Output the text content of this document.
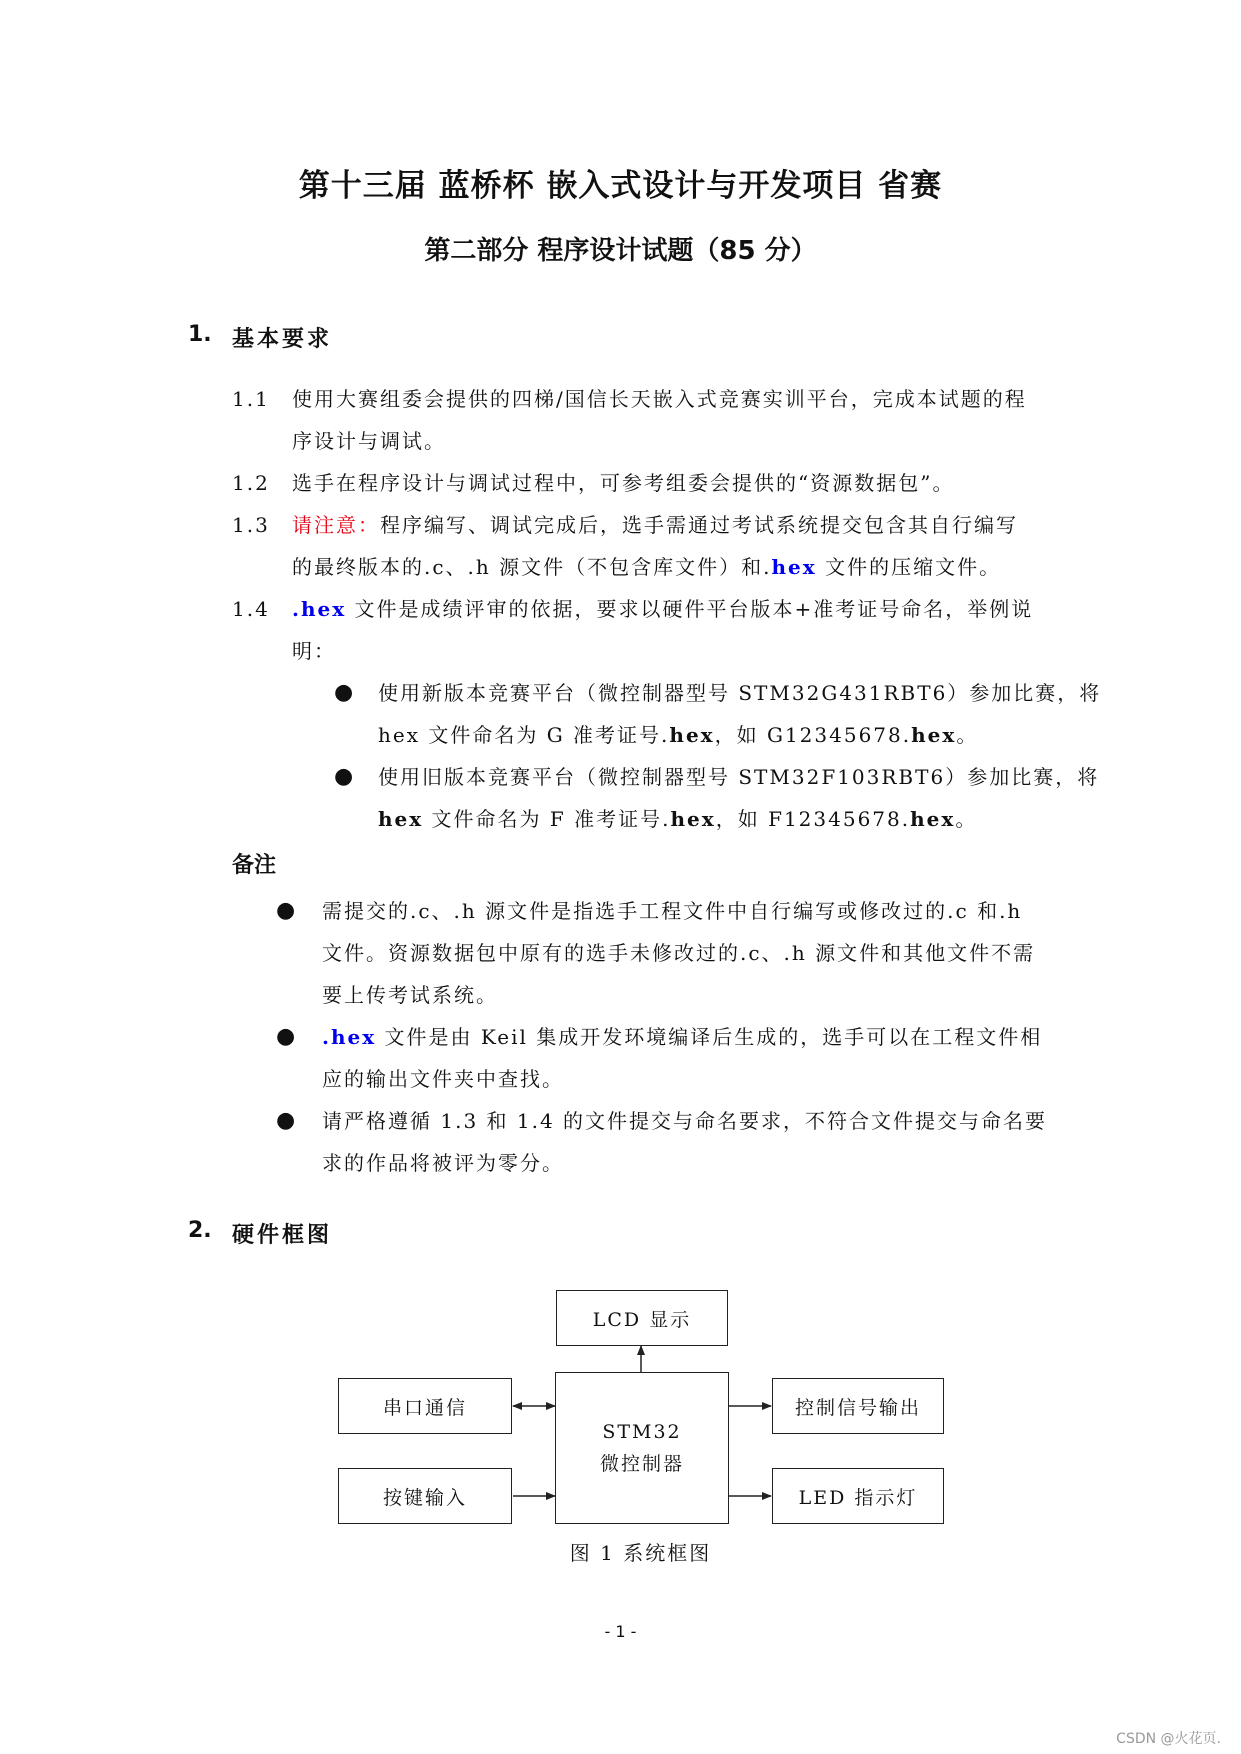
第十三届 蓝桥杯 嵌入式设计与开发项目 省赛
第二部分 程序设计试题（85 分）
1. 基本要求
1.1 使用大赛组委会提供的四梯/国信长天嵌入式竞赛实训平台，完成本试题的程
序设计与调试。
1.2 选手在程序设计与调试过程中，可参考组委会提供的“资源数据包”。
1.3 请注意：程序编写、调试完成后，选手需通过考试系统提交包含其自行编写
的最终版本的.c、.h 源文件（不包含库文件）和.hex 文件的压缩文件。
1.4 .hex 文件是成绩评审的依据，要求以硬件平台版本+准考证号命名，举例说
明：
● 使用新版本竞赛平台（微控制器型号 STM32G431RBT6）参加比赛，将
hex 文件命名为 G 准考证号.hex，如 G12345678.hex。
● 使用旧版本竞赛平台（微控制器型号 STM32F103RBT6）参加比赛，将
hex 文件命名为 F 准考证号.hex，如 F12345678.hex。
备注
● 需提交的.c、.h 源文件是指选手工程文件中自行编写或修改过的.c 和.h
文件。资源数据包中原有的选手未修改过的.c、.h 源文件和其他文件不需
要上传考试系统。
● .hex 文件是由 Keil 集成开发环境编译后生成的，选手可以在工程文件相
应的输出文件夹中查找。
● 请严格遵循 1.3 和 1.4 的文件提交与命名要求，不符合文件提交与命名要
求的作品将被评为零分。
2. 硬件框图
LCD 显示
串口通信
按键输入
STM32
微控制器
控制信号输出
LED 指示灯
图 1 系统框图
- 1 -
CSDN @火花页.
